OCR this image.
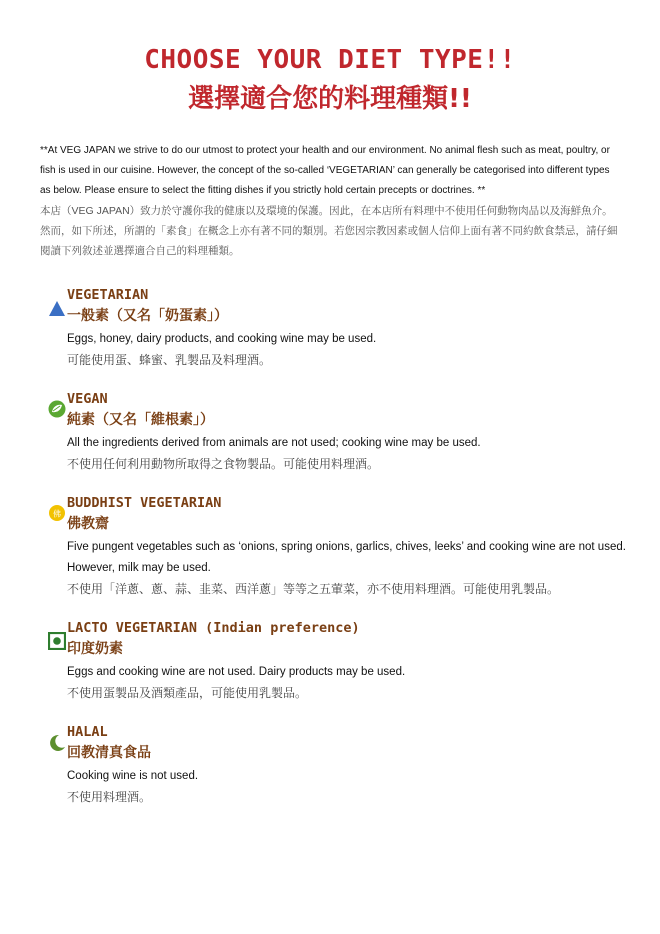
CHOOSE YOUR DIET TYPE!!
選擇適合您的料理種類!!
**At VEG JAPAN we strive to do our utmost to protect your health and our environment. No animal flesh such as meat, poultry, or fish is used in our cuisine. However, the concept of the so-called ‘VEGETARIAN’ can generally be categorised into different types as below. Please ensure to select the fitting dishes if you strictly hold certain precepts or doctrines. **
本店（VEG JAPAN）致力於守護你我的健康以及環境的保護。因此，在本店所有料理中不使用任何動物肉品以及海鮮魚介。然而，如下所述，所謂的「素食」在概念上亦有著不同的類別。若您因宗教因素或個人信仰上面有著不同約飲食禁忌，請仔細閱讀下列敘述並選擇適合自己的料理種類。
VEGETARIAN
一般素（又名「奶蛋素」）
Eggs, honey, dairy products, and cooking wine may be used.
可能使用蛋、蜂蜜、乳製品及料理酒。
VEGAN
純素（又名「維根素」）
All the ingredients derived from animals are not used; cooking wine may be used.
不使用任何利用動物所取得之食物製品。可能使用料理酒。
佛
BUDDHIST VEGETARIAN
佛教齋
Five pungent vegetables such as ‘onions, spring onions, garlics, chives, leeks’ and cooking wine are not used. However, milk may be used.
不使用「洋蔥、蔥、蒜、韭菜、西洋蔥」等等之五葷菜，亦不使用料理酒。可能使用乳製品。
LACTO VEGETARIAN (Indian preference)
印度奶素
Eggs and cooking wine are not used. Dairy products may be used.
不使用蛋製品及酒類產品，可能使用乳製品。
HALAL
回教清真食品
Cooking wine is not used.
不使用料理酒。
